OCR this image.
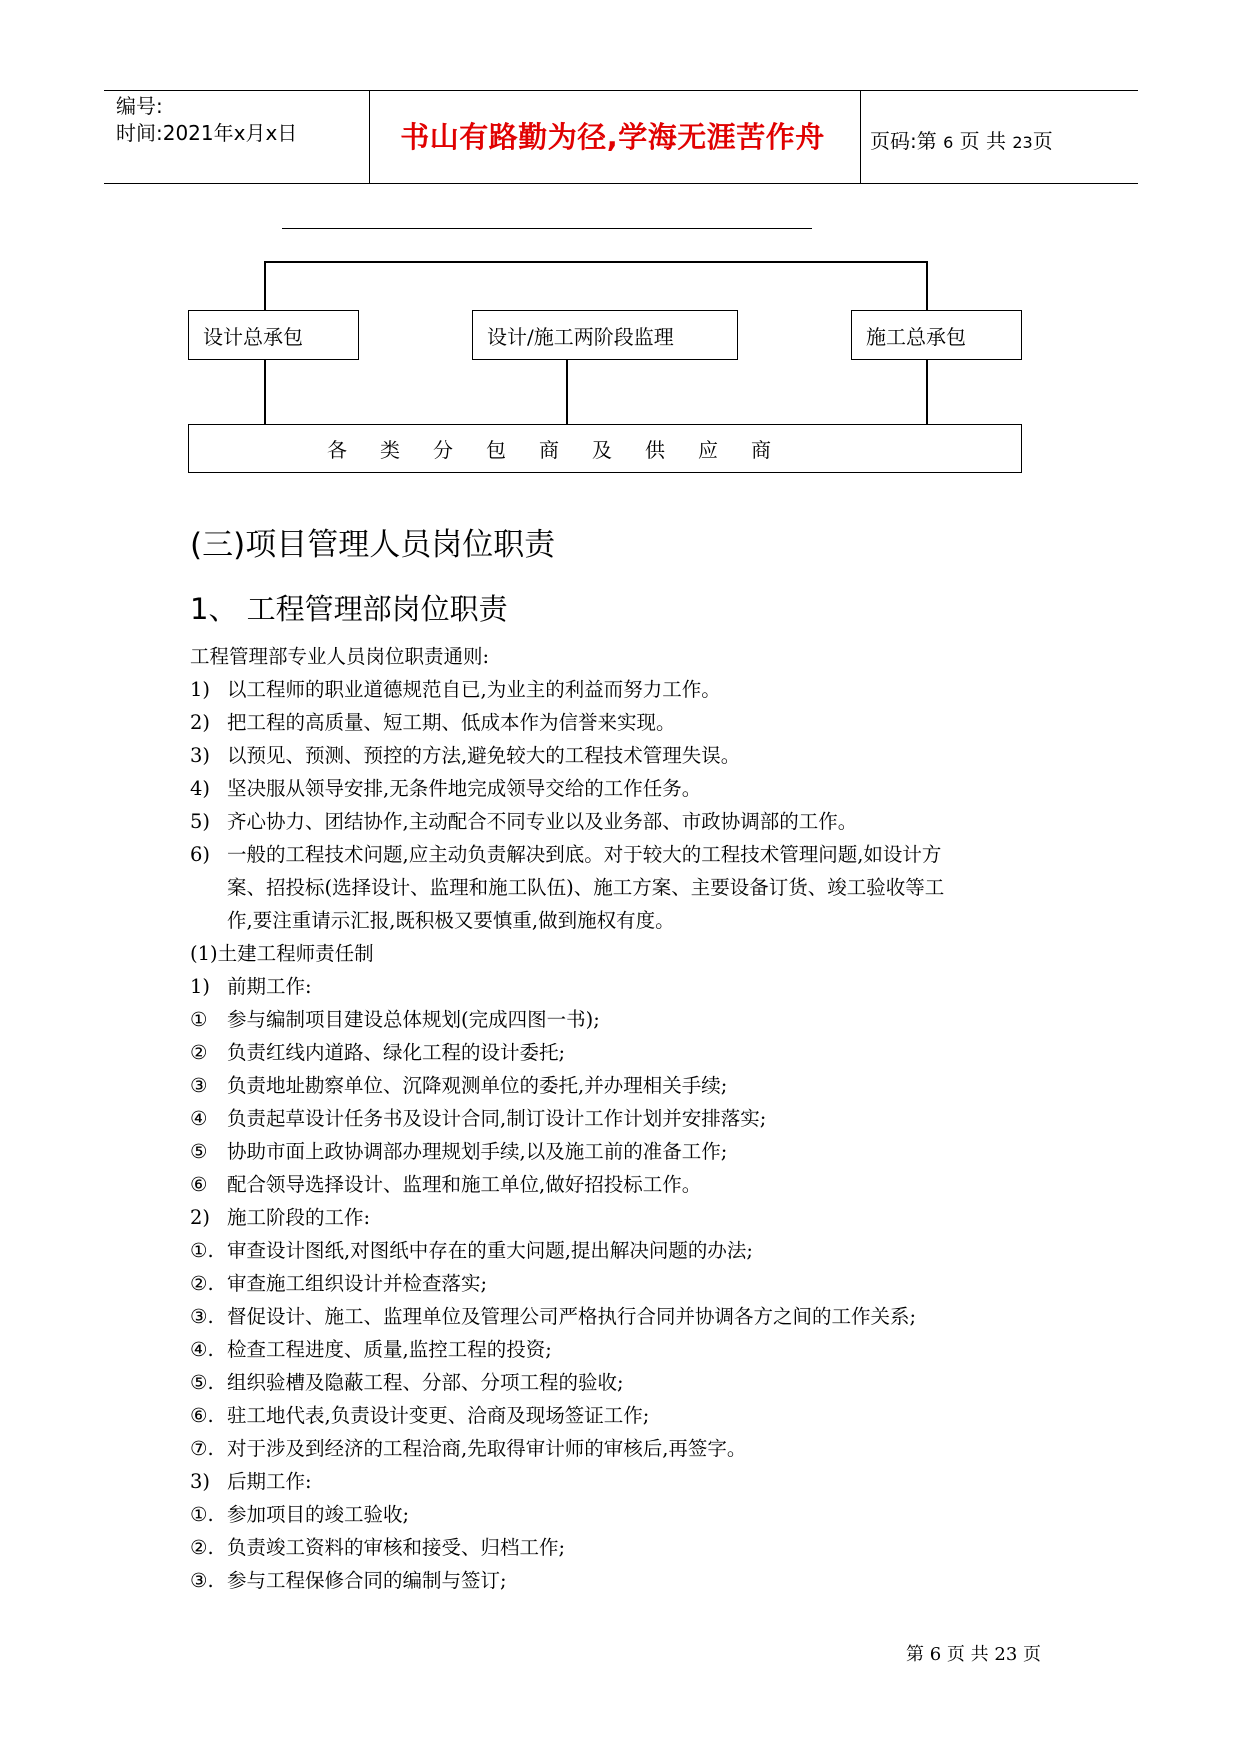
编号:
时间:2021年x月x日	书山有路勤为径,学海无涯苦作舟	页码:第 6 页 共 23页
设计总承包	设计/施工两阶段监理	施工总承包
各类分包商及供应商
(三)项目管理人员岗位职责
1、 工程管理部岗位职责
工程管理部专业人员岗位职责通则:
1) 以工程师的职业道德规范自已,为业主的利益而努力工作。
2) 把工程的高质量、短工期、低成本作为信誉来实现。
3) 以预见、预测、预控的方法,避免较大的工程技术管理失误。
4) 坚决服从领导安排,无条件地完成领导交给的工作任务。
5) 齐心协力、团结协作,主动配合不同专业以及业务部、市政协调部的工作。
6) 一般的工程技术问题,应主动负责解决到底。对于较大的工程技术管理问题,如设计方
案、招投标(选择设计、监理和施工队伍)、施工方案、主要设备订货、竣工验收等工
作,要注重请示汇报,既积极又要慎重,做到施权有度。
(1)土建工程师责任制
1) 前期工作:
① 参与编制项目建设总体规划(完成四图一书);
② 负责红线内道路、绿化工程的设计委托;
③ 负责地址勘察单位、沉降观测单位的委托,并办理相关手续;
④ 负责起草设计任务书及设计合同,制订设计工作计划并安排落实;
⑤ 协助市面上政协调部办理规划手续,以及施工前的准备工作;
⑥ 配合领导选择设计、监理和施工单位,做好招投标工作。
2) 施工阶段的工作:
①. 审查设计图纸,对图纸中存在的重大问题,提出解决问题的办法;
②. 审查施工组织设计并检查落实;
③. 督促设计、施工、监理单位及管理公司严格执行合同并协调各方之间的工作关系;
④. 检查工程进度、质量,监控工程的投资;
⑤. 组织验槽及隐蔽工程、分部、分项工程的验收;
⑥. 驻工地代表,负责设计变更、洽商及现场签证工作;
⑦. 对于涉及到经济的工程洽商,先取得审计师的审核后,再签字。
3) 后期工作:
①. 参加项目的竣工验收;
②. 负责竣工资料的审核和接受、归档工作;
③. 参与工程保修合同的编制与签订;
第 6 页 共 23 页
